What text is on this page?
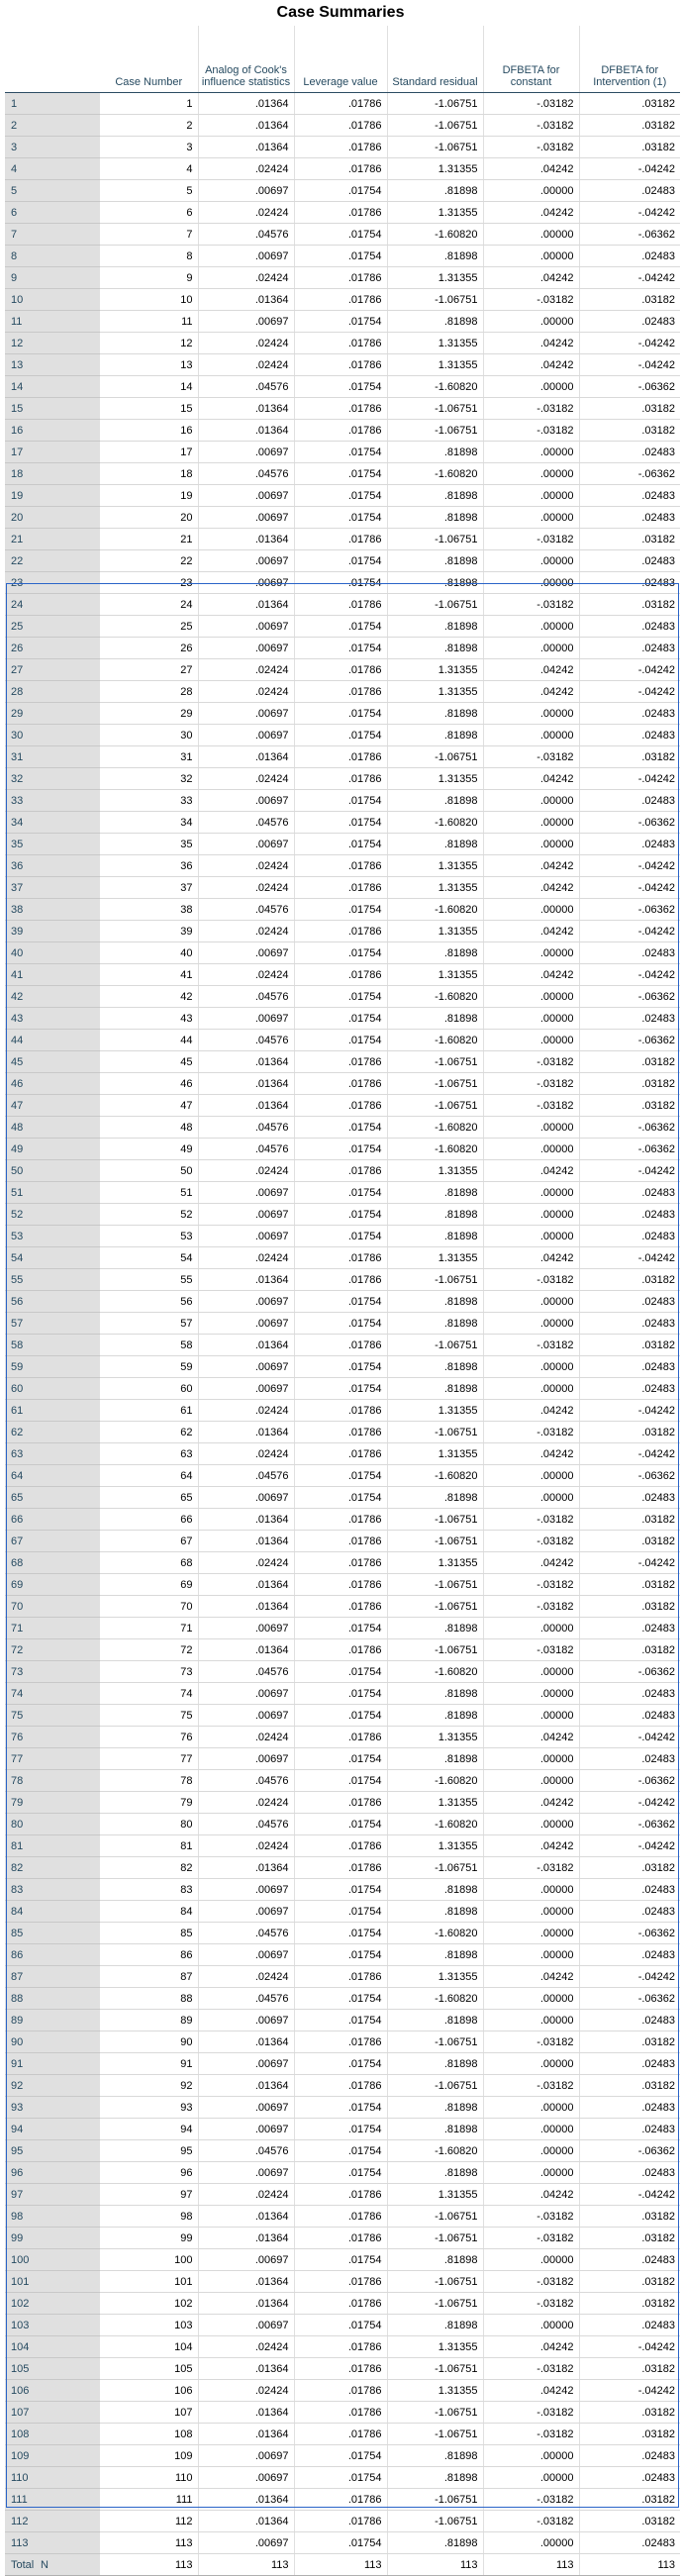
Case Summaries
	Case Number	Analog of Cook's influence statistics	Leverage value	Standard residual	DFBETA for constant	DFBETA for Intervention (1)
1	1	.01364	.01786	-1.06751	-.03182	.03182
2	2	.01364	.01786	-1.06751	-.03182	.03182
3	3	.01364	.01786	-1.06751	-.03182	.03182
4	4	.02424	.01786	1.31355	.04242	-.04242
5	5	.00697	.01754	.81898	.00000	.02483
6	6	.02424	.01786	1.31355	.04242	-.04242
7	7	.04576	.01754	-1.60820	.00000	-.06362
8	8	.00697	.01754	.81898	.00000	.02483
9	9	.02424	.01786	1.31355	.04242	-.04242
10	10	.01364	.01786	-1.06751	-.03182	.03182
11	11	.00697	.01754	.81898	.00000	.02483
12	12	.02424	.01786	1.31355	.04242	-.04242
13	13	.02424	.01786	1.31355	.04242	-.04242
14	14	.04576	.01754	-1.60820	.00000	-.06362
15	15	.01364	.01786	-1.06751	-.03182	.03182
16	16	.01364	.01786	-1.06751	-.03182	.03182
17	17	.00697	.01754	.81898	.00000	.02483
18	18	.04576	.01754	-1.60820	.00000	-.06362
19	19	.00697	.01754	.81898	.00000	.02483
20	20	.00697	.01754	.81898	.00000	.02483
21	21	.01364	.01786	-1.06751	-.03182	.03182
22	22	.00697	.01754	.81898	.00000	.02483
23	23	.00697	.01754	.81898	.00000	.02483
24	24	.01364	.01786	-1.06751	-.03182	.03182
25	25	.00697	.01754	.81898	.00000	.02483
26	26	.00697	.01754	.81898	.00000	.02483
27	27	.02424	.01786	1.31355	.04242	-.04242
28	28	.02424	.01786	1.31355	.04242	-.04242
29	29	.00697	.01754	.81898	.00000	.02483
30	30	.00697	.01754	.81898	.00000	.02483
31	31	.01364	.01786	-1.06751	-.03182	.03182
32	32	.02424	.01786	1.31355	.04242	-.04242
33	33	.00697	.01754	.81898	.00000	.02483
34	34	.04576	.01754	-1.60820	.00000	-.06362
35	35	.00697	.01754	.81898	.00000	.02483
36	36	.02424	.01786	1.31355	.04242	-.04242
37	37	.02424	.01786	1.31355	.04242	-.04242
38	38	.04576	.01754	-1.60820	.00000	-.06362
39	39	.02424	.01786	1.31355	.04242	-.04242
40	40	.00697	.01754	.81898	.00000	.02483
41	41	.02424	.01786	1.31355	.04242	-.04242
42	42	.04576	.01754	-1.60820	.00000	-.06362
43	43	.00697	.01754	.81898	.00000	.02483
44	44	.04576	.01754	-1.60820	.00000	-.06362
45	45	.01364	.01786	-1.06751	-.03182	.03182
46	46	.01364	.01786	-1.06751	-.03182	.03182
47	47	.01364	.01786	-1.06751	-.03182	.03182
48	48	.04576	.01754	-1.60820	.00000	-.06362
49	49	.04576	.01754	-1.60820	.00000	-.06362
50	50	.02424	.01786	1.31355	.04242	-.04242
51	51	.00697	.01754	.81898	.00000	.02483
52	52	.00697	.01754	.81898	.00000	.02483
53	53	.00697	.01754	.81898	.00000	.02483
54	54	.02424	.01786	1.31355	.04242	-.04242
55	55	.01364	.01786	-1.06751	-.03182	.03182
56	56	.00697	.01754	.81898	.00000	.02483
57	57	.00697	.01754	.81898	.00000	.02483
58	58	.01364	.01786	-1.06751	-.03182	.03182
59	59	.00697	.01754	.81898	.00000	.02483
60	60	.00697	.01754	.81898	.00000	.02483
61	61	.02424	.01786	1.31355	.04242	-.04242
62	62	.01364	.01786	-1.06751	-.03182	.03182
63	63	.02424	.01786	1.31355	.04242	-.04242
64	64	.04576	.01754	-1.60820	.00000	-.06362
65	65	.00697	.01754	.81898	.00000	.02483
66	66	.01364	.01786	-1.06751	-.03182	.03182
67	67	.01364	.01786	-1.06751	-.03182	.03182
68	68	.02424	.01786	1.31355	.04242	-.04242
69	69	.01364	.01786	-1.06751	-.03182	.03182
70	70	.01364	.01786	-1.06751	-.03182	.03182
71	71	.00697	.01754	.81898	.00000	.02483
72	72	.01364	.01786	-1.06751	-.03182	.03182
73	73	.04576	.01754	-1.60820	.00000	-.06362
74	74	.00697	.01754	.81898	.00000	.02483
75	75	.00697	.01754	.81898	.00000	.02483
76	76	.02424	.01786	1.31355	.04242	-.04242
77	77	.00697	.01754	.81898	.00000	.02483
78	78	.04576	.01754	-1.60820	.00000	-.06362
79	79	.02424	.01786	1.31355	.04242	-.04242
80	80	.04576	.01754	-1.60820	.00000	-.06362
81	81	.02424	.01786	1.31355	.04242	-.04242
82	82	.01364	.01786	-1.06751	-.03182	.03182
83	83	.00697	.01754	.81898	.00000	.02483
84	84	.00697	.01754	.81898	.00000	.02483
85	85	.04576	.01754	-1.60820	.00000	-.06362
86	86	.00697	.01754	.81898	.00000	.02483
87	87	.02424	.01786	1.31355	.04242	-.04242
88	88	.04576	.01754	-1.60820	.00000	-.06362
89	89	.00697	.01754	.81898	.00000	.02483
90	90	.01364	.01786	-1.06751	-.03182	.03182
91	91	.00697	.01754	.81898	.00000	.02483
92	92	.01364	.01786	-1.06751	-.03182	.03182
93	93	.00697	.01754	.81898	.00000	.02483
94	94	.00697	.01754	.81898	.00000	.02483
95	95	.04576	.01754	-1.60820	.00000	-.06362
96	96	.00697	.01754	.81898	.00000	.02483
97	97	.02424	.01786	1.31355	.04242	-.04242
98	98	.01364	.01786	-1.06751	-.03182	.03182
99	99	.01364	.01786	-1.06751	-.03182	.03182
100	100	.00697	.01754	.81898	.00000	.02483
101	101	.01364	.01786	-1.06751	-.03182	.03182
102	102	.01364	.01786	-1.06751	-.03182	.03182
103	103	.00697	.01754	.81898	.00000	.02483
104	104	.02424	.01786	1.31355	.04242	-.04242
105	105	.01364	.01786	-1.06751	-.03182	.03182
106	106	.02424	.01786	1.31355	.04242	-.04242
107	107	.01364	.01786	-1.06751	-.03182	.03182
108	108	.01364	.01786	-1.06751	-.03182	.03182
109	109	.00697	.01754	.81898	.00000	.02483
110	110	.00697	.01754	.81898	.00000	.02483
111	111	.01364	.01786	-1.06751	-.03182	.03182
112	112	.01364	.01786	-1.06751	-.03182	.03182
113	113	.00697	.01754	.81898	.00000	.02483

Total N	113	113	113	113	113	113
